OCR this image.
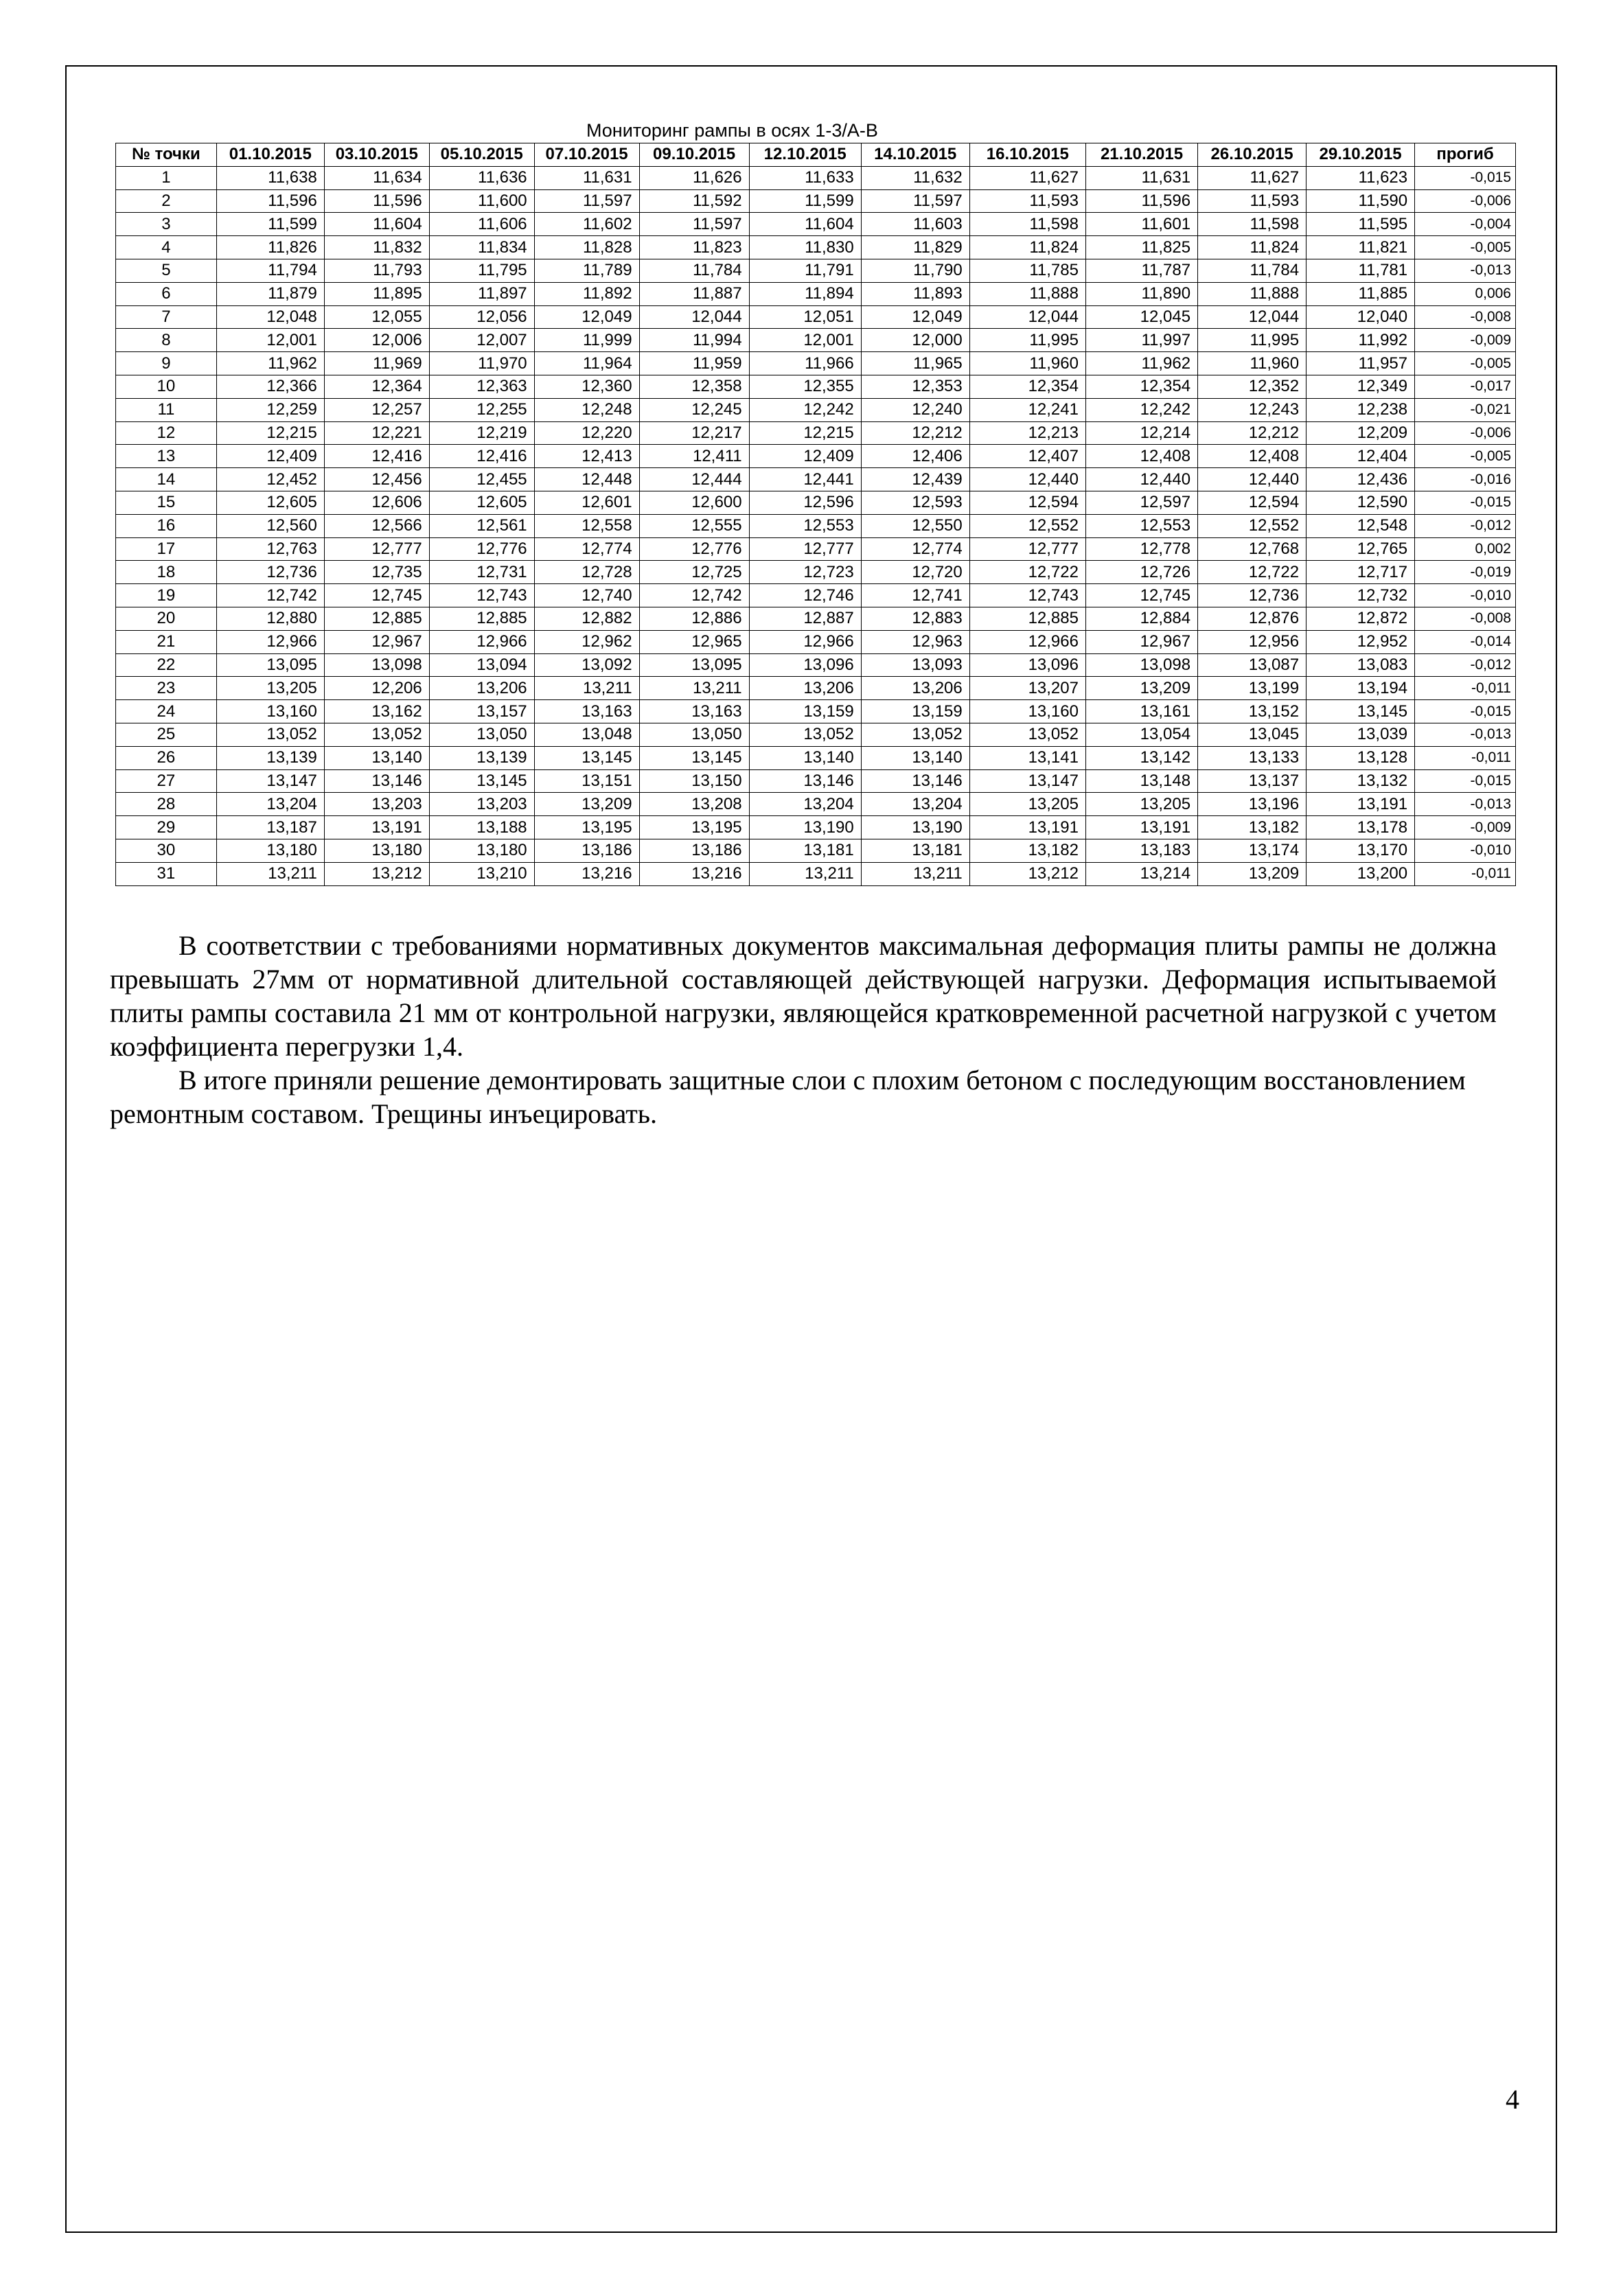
Мониторинг рампы в осях 1-3/А-В
№ точки	01.10.2015	03.10.2015	05.10.2015	07.10.2015	09.10.2015	12.10.2015	14.10.2015	16.10.2015	21.10.2015	26.10.2015	29.10.2015	прогиб
1	11,638	11,634	11,636	11,631	11,626	11,633	11,632	11,627	11,631	11,627	11,623	-0,015
2	11,596	11,596	11,600	11,597	11,592	11,599	11,597	11,593	11,596	11,593	11,590	-0,006
3	11,599	11,604	11,606	11,602	11,597	11,604	11,603	11,598	11,601	11,598	11,595	-0,004
4	11,826	11,832	11,834	11,828	11,823	11,830	11,829	11,824	11,825	11,824	11,821	-0,005
5	11,794	11,793	11,795	11,789	11,784	11,791	11,790	11,785	11,787	11,784	11,781	-0,013
6	11,879	11,895	11,897	11,892	11,887	11,894	11,893	11,888	11,890	11,888	11,885	0,006
7	12,048	12,055	12,056	12,049	12,044	12,051	12,049	12,044	12,045	12,044	12,040	-0,008
8	12,001	12,006	12,007	11,999	11,994	12,001	12,000	11,995	11,997	11,995	11,992	-0,009
9	11,962	11,969	11,970	11,964	11,959	11,966	11,965	11,960	11,962	11,960	11,957	-0,005
10	12,366	12,364	12,363	12,360	12,358	12,355	12,353	12,354	12,354	12,352	12,349	-0,017
11	12,259	12,257	12,255	12,248	12,245	12,242	12,240	12,241	12,242	12,243	12,238	-0,021
12	12,215	12,221	12,219	12,220	12,217	12,215	12,212	12,213	12,214	12,212	12,209	-0,006
13	12,409	12,416	12,416	12,413	12,411	12,409	12,406	12,407	12,408	12,408	12,404	-0,005
14	12,452	12,456	12,455	12,448	12,444	12,441	12,439	12,440	12,440	12,440	12,436	-0,016
15	12,605	12,606	12,605	12,601	12,600	12,596	12,593	12,594	12,597	12,594	12,590	-0,015
16	12,560	12,566	12,561	12,558	12,555	12,553	12,550	12,552	12,553	12,552	12,548	-0,012
17	12,763	12,777	12,776	12,774	12,776	12,777	12,774	12,777	12,778	12,768	12,765	0,002
18	12,736	12,735	12,731	12,728	12,725	12,723	12,720	12,722	12,726	12,722	12,717	-0,019
19	12,742	12,745	12,743	12,740	12,742	12,746	12,741	12,743	12,745	12,736	12,732	-0,010
20	12,880	12,885	12,885	12,882	12,886	12,887	12,883	12,885	12,884	12,876	12,872	-0,008
21	12,966	12,967	12,966	12,962	12,965	12,966	12,963	12,966	12,967	12,956	12,952	-0,014
22	13,095	13,098	13,094	13,092	13,095	13,096	13,093	13,096	13,098	13,087	13,083	-0,012
23	13,205	12,206	13,206	13,211	13,211	13,206	13,206	13,207	13,209	13,199	13,194	-0,011
24	13,160	13,162	13,157	13,163	13,163	13,159	13,159	13,160	13,161	13,152	13,145	-0,015
25	13,052	13,052	13,050	13,048	13,050	13,052	13,052	13,052	13,054	13,045	13,039	-0,013
26	13,139	13,140	13,139	13,145	13,145	13,140	13,140	13,141	13,142	13,133	13,128	-0,011
27	13,147	13,146	13,145	13,151	13,150	13,146	13,146	13,147	13,148	13,137	13,132	-0,015
28	13,204	13,203	13,203	13,209	13,208	13,204	13,204	13,205	13,205	13,196	13,191	-0,013
29	13,187	13,191	13,188	13,195	13,195	13,190	13,190	13,191	13,191	13,182	13,178	-0,009
30	13,180	13,180	13,180	13,186	13,186	13,181	13,181	13,182	13,183	13,174	13,170	-0,010
31	13,211	13,212	13,210	13,216	13,216	13,211	13,211	13,212	13,214	13,209	13,200	-0,011

В соответствии с требованиями нормативных документов максимальная деформация плиты рампы не должна превышать 27мм от нормативной длительной составляющей действующей нагрузки. Деформация испытываемой плиты рампы составила 21 мм от контрольной нагрузки, являющейся кратковременной расчетной нагрузкой с учетом коэффициента перегрузки 1,4.

В итоге приняли решение демонтировать защитные слои с плохим бетоном с последующим восстановлением ремонтным составом. Трещины инъецировать.

4
